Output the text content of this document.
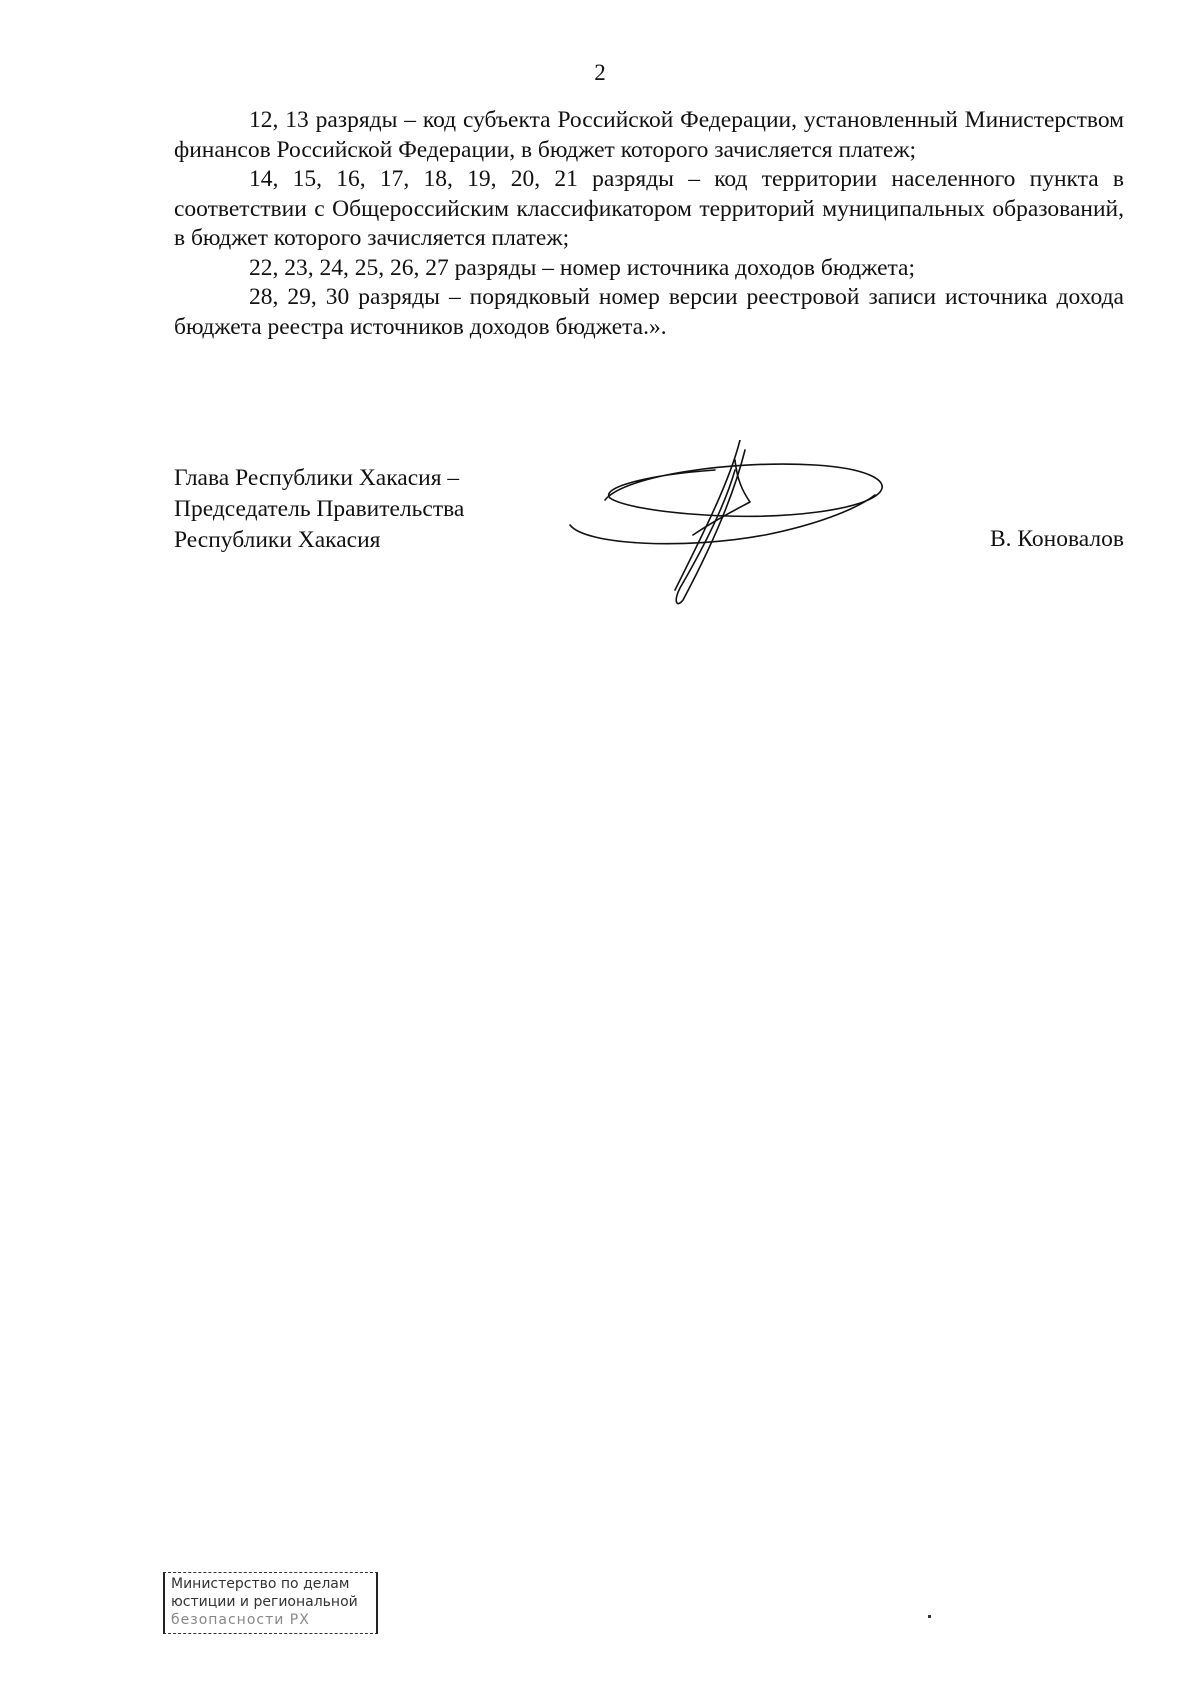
2

12, 13 разряды – код субъекта Российской Федерации, установленный Министерством финансов Российской Федерации, в бюджет которого зачисляется платеж;

14, 15, 16, 17, 18, 19, 20, 21 разряды – код территории населенного пункта в соответствии с Общероссийским классификатором территорий муниципальных образований, в бюджет которого зачисляется платеж;

22, 23, 24, 25, 26, 27 разряды – номер источника доходов бюджета;

28, 29, 30 разряды – порядковый номер версии реестровой записи источника дохода бюджета реестра источников доходов бюджета.».

Глава Республики Хакасия –
Председатель Правительства
Республики Хакасия	В. Коновалов
Министерство по делам
юстиции и региональной
безопасности РХ
